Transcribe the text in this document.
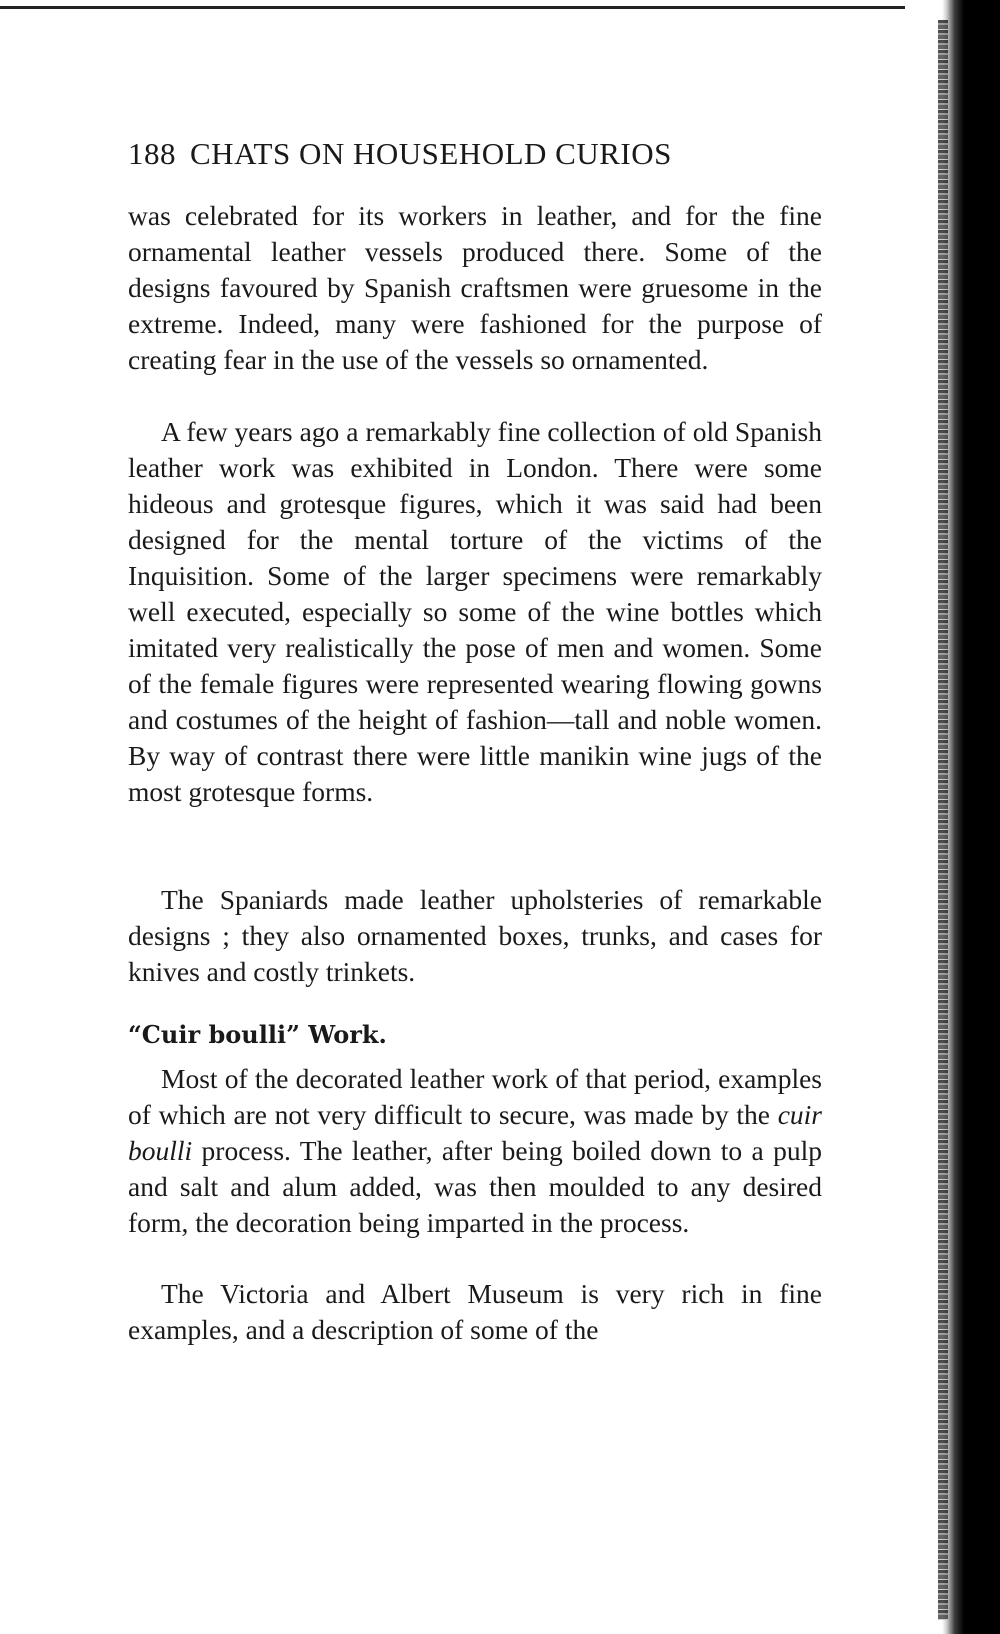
188 CHATS ON HOUSEHOLD CURIOS

was celebrated for its workers in leather, and for the fine ornamental leather vessels produced there. Some of the designs favoured by Spanish craftsmen were gruesome in the extreme. Indeed, many were fashioned for the purpose of creating fear in the use of the vessels so ornamented.

A few years ago a remarkably fine collection of old Spanish leather work was exhibited in London. There were some hideous and grotesque figures, which it was said had been designed for the mental torture of the victims of the Inquisition. Some of the larger specimens were remarkably well executed, especially so some of the wine bottles which imitated very realistically the pose of men and women. Some of the female figures were represented wearing flowing gowns and costumes of the height of fashion—tall and noble women. By way of contrast there were little manikin wine jugs of the most grotesque forms.

The Spaniards made leather upholsteries of remarkable designs ; they also ornamented boxes, trunks, and cases for knives and costly trinkets.

“Cuir boulli” Work.

Most of the decorated leather work of that period, examples of which are not very difficult to secure, was made by the cuir boulli process. The leather, after being boiled down to a pulp and salt and alum added, was then moulded to any desired form, the decoration being imparted in the process.

The Victoria and Albert Museum is very rich in fine examples, and a description of some of the
